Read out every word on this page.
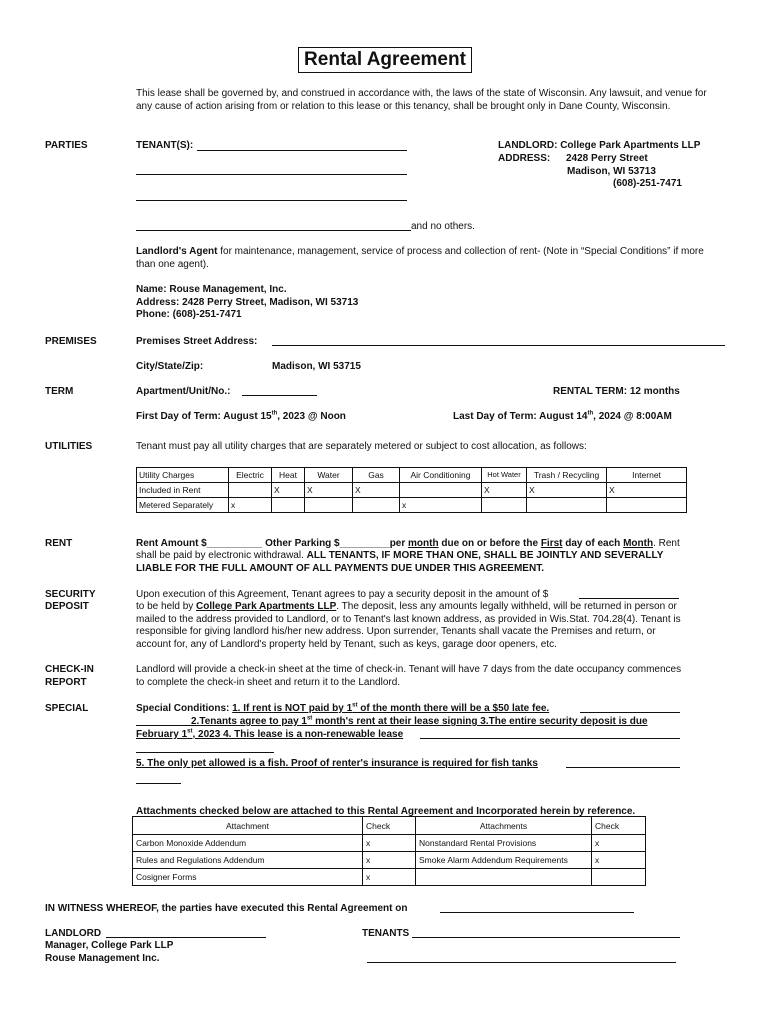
Rental Agreement
This lease shall be governed by, and construed in accordance with, the laws of the state of Wisconsin. Any lawsuit, and venue for any cause of action arising from or relation to this lease or this tenancy, shall be brought only in Dane County, Wisconsin.
PARTIES	TENANT(S):
and no others.
LANDLORD: College Park Apartments LLP
ADDRESS: 2428 Perry Street
Madison, WI 53713
(608)-251-7471
Landlord's Agent for maintenance, management, service of process and collection of rent- (Note in “Special Conditions” if more than one agent).
Name: Rouse Management, Inc.
Address: 2428 Perry Street, Madison, WI 53713
Phone: (608)-251-7471
PREMISES	Premises Street Address:
City/State/Zip:	Madison, WI 53715
TERM	Apartment/Unit/No.:	RENTAL TERM: 12 months
First Day of Term: August 15th, 2023 @ Noon	Last Day of Term: August 14th, 2024 @ 8:00AM
UTILITIES	Tenant must pay all utility charges that are separately metered or subject to cost allocation, as follows:
Utility Charges	Electric	Heat	Water	Gas	Air Conditioning	Hot Water	Trash / Recycling	Internet
Included in Rent		X	X	X		X	X	X
Metered Separately	x				x			
RENT	Rent Amount $__________ Other Parking $_________per month due on or before the First day of each Month. Rent
shall be paid by electronic withdrawal. ALL TENANTS, IF MORE THAN ONE, SHALL BE JOINTLY AND SEVERALLY
LIABLE FOR THE FULL AMOUNT OF ALL PAYMENTS DUE UNDER THIS AGREEMENT.
SECURITY
DEPOSIT
Upon execution of this Agreement, Tenant agrees to pay a security deposit in the amount of $
to be held by College Park Apartments LLP. The deposit, less any amounts legally withheld, will be returned in person or
mailed to the address provided to Landlord, or to Tenant's last known address, as provided in Wis.Stat. 704.28(4). Tenant is
responsible for giving landlord his/her new address. Upon surrender, Tenants shall vacate the Premises and return, or
account for, any of Landlord's property held by Tenant, such as keys, garage door openers, etc.
CHECK-IN
REPORT
Landlord will provide a check-in sheet at the time of check-in. Tenant will have 7 days from the date occupancy commences
to complete the check-in sheet and return it to the Landlord.
SPECIAL	Special Conditions: 1. If rent is NOT paid by 1st of the month there will be a $50 late fee.
2.Tenants agree to pay 1st month's rent at their lease signing 3.The entire security deposit is due
February 1st, 2023 4. This lease is a non-renewable lease
5. The only pet allowed is a fish. Proof of renter's insurance is required for fish tanks
Attachments checked below are attached to this Rental Agreement and Incorporated herein by reference.
Attachment	Check	Attachments	Check
Carbon Monoxide Addendum	x	Nonstandard Rental Provisions	x
Rules and Regulations Addendum	x	Smoke Alarm Addendum Requirements	x
Cosigner Forms	x		
IN WITNESS WHEREOF, the parties have executed this Rental Agreement on
LANDLORD
Manager, College Park LLP
Rouse Management Inc.
TENANTS
